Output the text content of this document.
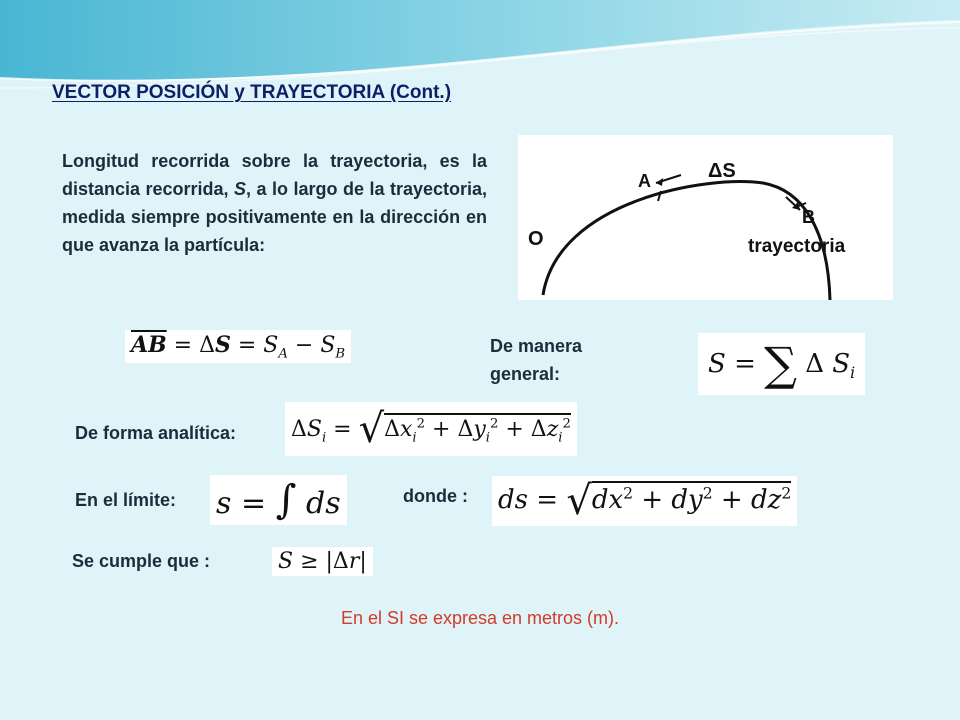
VECTOR POSICIÓN y TRAYECTORIA (Cont.)
Longitud recorrida sobre la trayectoria, es la distancia recorrida, S, a lo largo de la trayectoria, medida siempre positivamente en la dirección en que avanza la partícula:	O
A	ΔS
B
trayectoria
$\overline{AB} = \Delta S = S_A - S_B$	De manera general:	S = ∑ Δ $S_i$
De forma analítica: $\Delta S_i = √\Delta x_i^2 + \Delta y_i^2 + \Delta z_i^2$
En el límite: s = ∫ ds	donde : ds = $√dx^2 + dy^2 + dz^2$
Se cumple que :	S ≥ |Δr|
En el SI se expresa en metros (m).
